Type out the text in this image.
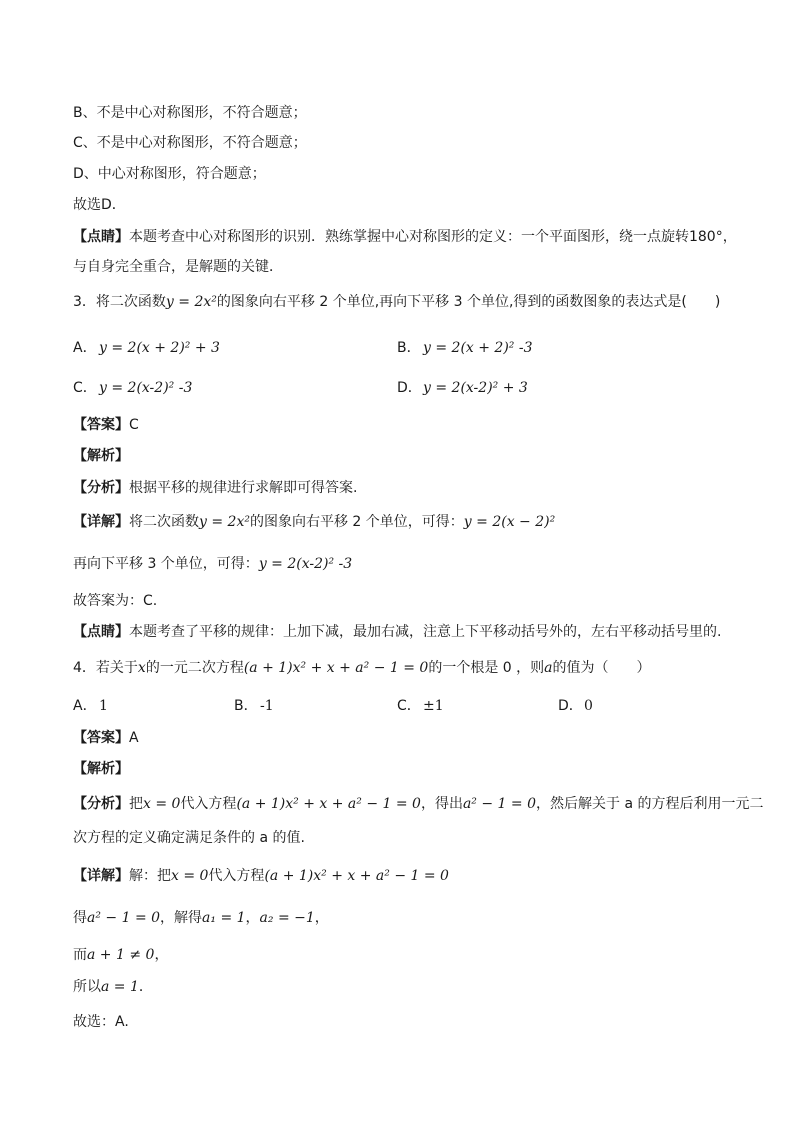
B、不是中心对称图形，不符合题意；
C、不是中心对称图形，不符合题意；
D、中心对称图形，符合题意；
故选D．
【点睛】本题考查中心对称图形的识别．熟练掌握中心对称图形的定义：一个平面图形，绕一点旋转180°，
与自身完全重合，是解题的关键．
3．将二次函数y = 2x²的图象向右平移 2 个单位,再向下平移 3 个单位,得到的函数图象的表达式是(　　)
A． y = 2(x + 2)² + 3	B． y = 2(x + 2)² -3
C． y = 2(x-2)² -3	D．y = 2(x-2)² + 3
【答案】C
【解析】
【分析】根据平移的规律进行求解即可得答案.
【详解】将二次函数y = 2x²的图象向右平移 2 个单位，可得：y = 2(x − 2)²
再向下平移 3 个单位，可得：y = 2(x-2)² -3
故答案为：C.
【点睛】本题考查了平移的规律：上加下减，最加右减，注意上下平移动括号外的，左右平移动括号里的.
4．若关于x的一元二次方程(a + 1)x² + x + a² − 1 = 0的一个根是 0 ，则a的值为（　　）
A． 1	B． -1	C． ±1	D．0
【答案】A
【解析】
【分析】把x = 0代入方程(a + 1)x² + x + a² − 1 = 0，得出a² − 1 = 0，然后解关于 a 的方程后利用一元二
次方程的定义确定满足条件的 a 的值.
【详解】解：把x = 0代入方程(a + 1)x² + x + a² − 1 = 0
得a² − 1 = 0，解得a₁ = 1，a₂ = −1，
而a + 1 ≠ 0，
所以a = 1．
故选：A.
